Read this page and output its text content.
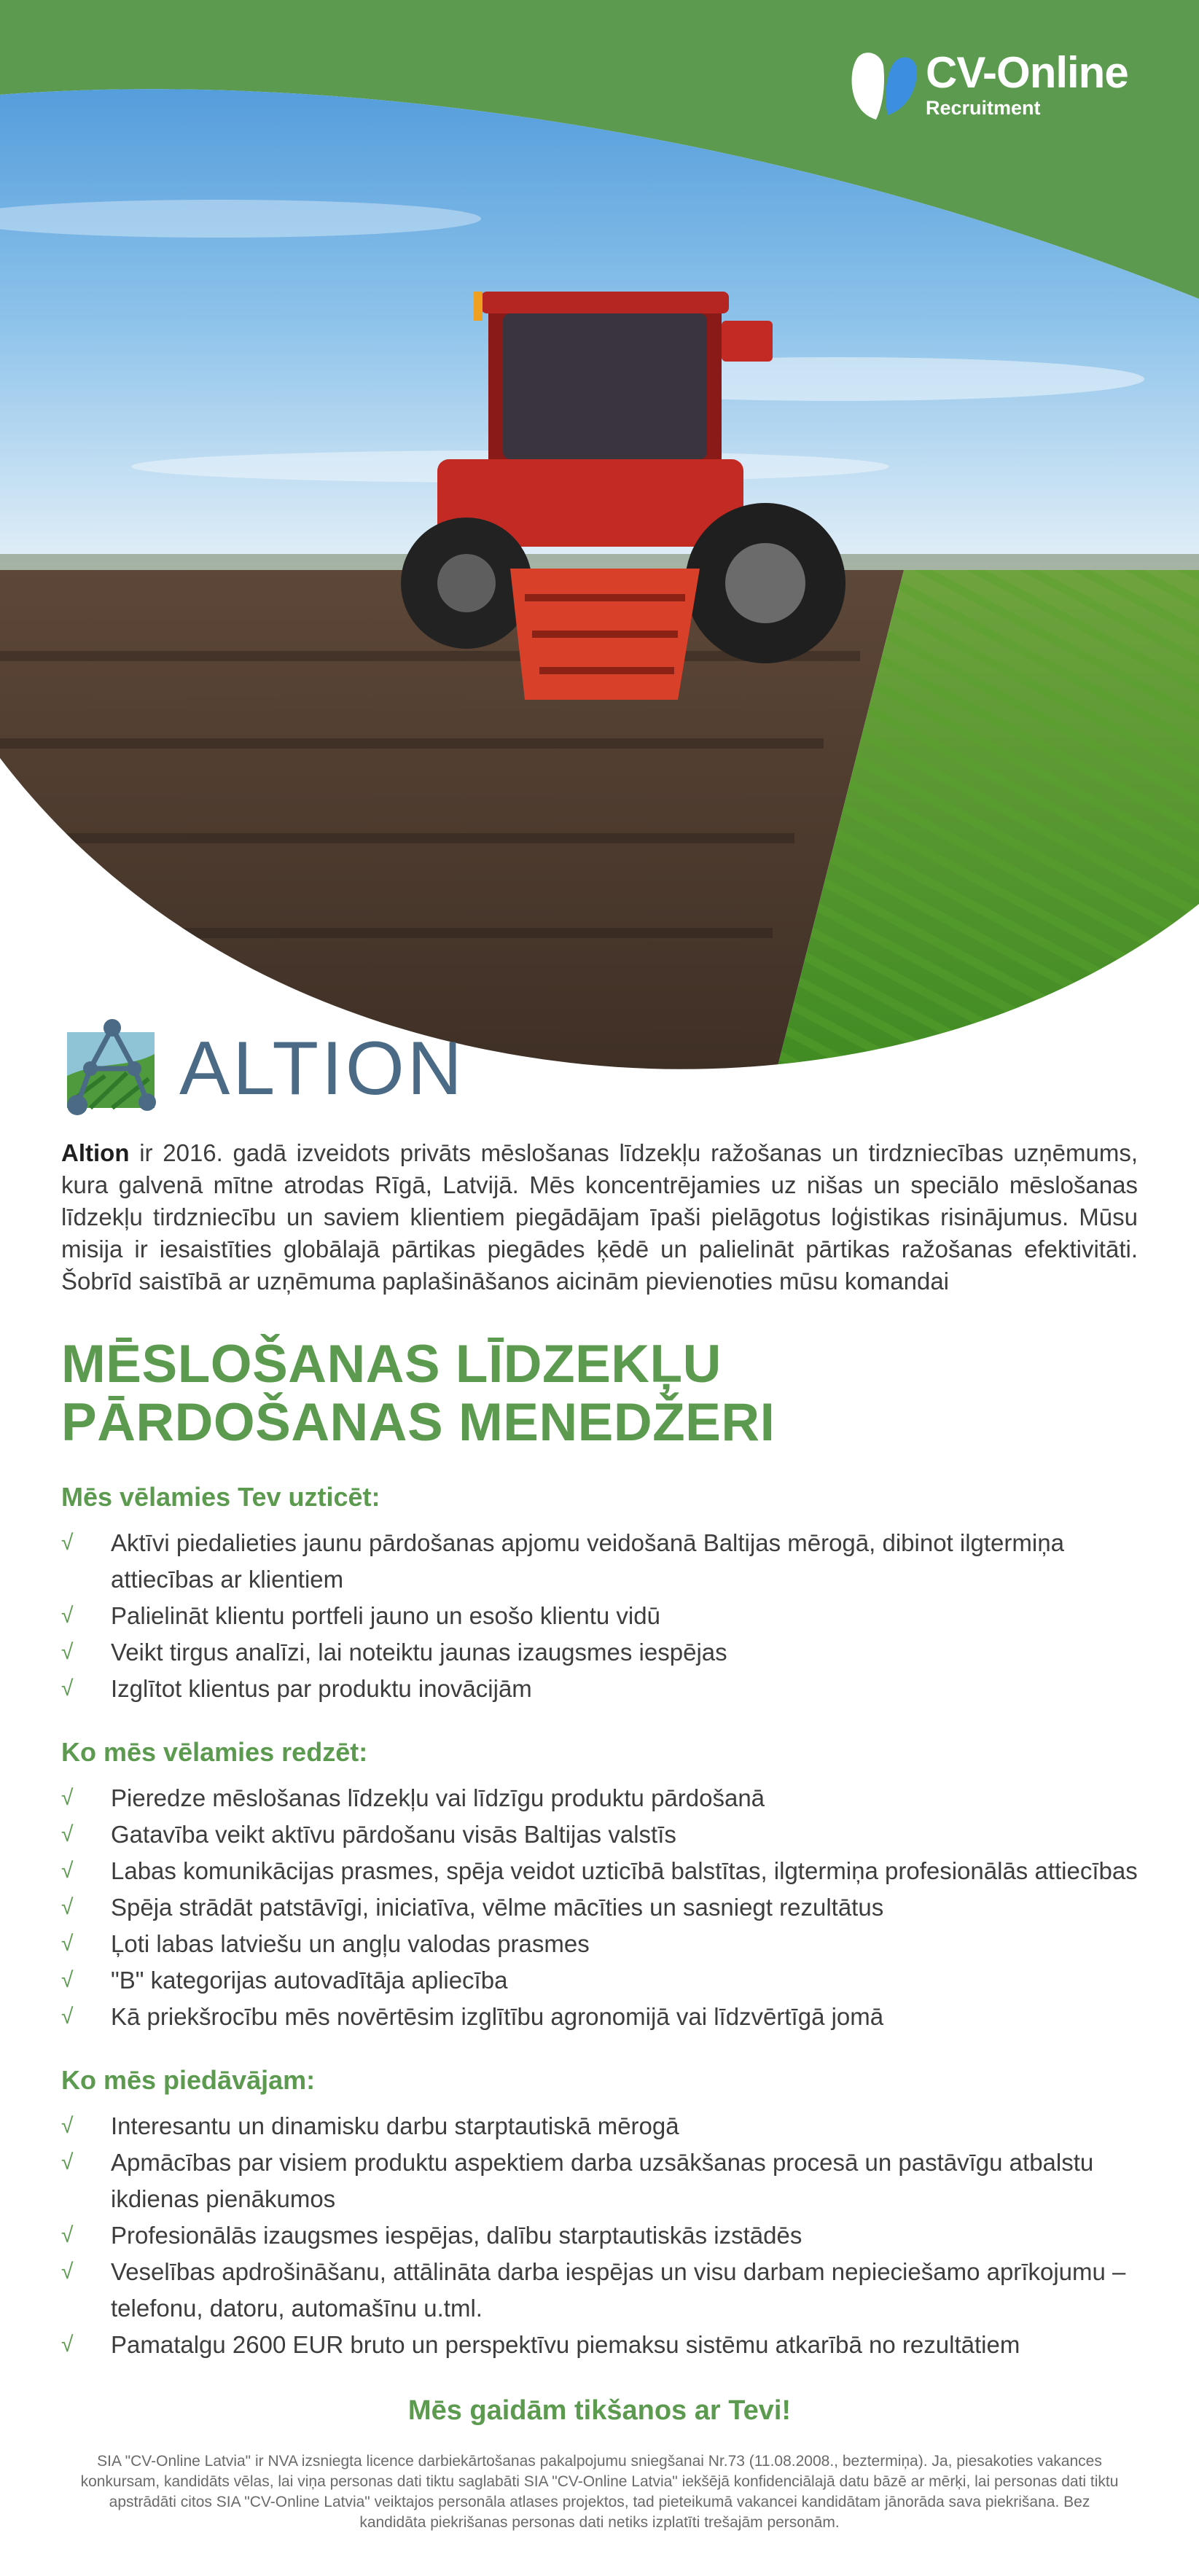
CV-Online
Recruitment
ALTION

Altion ir 2016. gadā izveidots privāts mēslošanas līdzekļu ražošanas un tirdzniecības uzņēmums, kura galvenā mītne atrodas Rīgā, Latvijā. Mēs koncentrējamies uz nišas un speciālo mēslošanas līdzekļu tirdzniecību un saviem klientiem piegādājam īpaši pielāgotus loģistikas risinājumus. Mūsu misija ir iesaistīties globālajā pārtikas piegādes ķēdē un palielināt pārtikas ražošanas efektivitāti. Šobrīd saistībā ar uzņēmuma paplašināšanos aicinām pievienoties mūsu komandai

MĒSLOŠANAS LĪDZEKĻU
PĀRDOŠANAS MENEDŽERI
Mēs vēlamies Tev uzticēt:
√ Aktīvi piedalieties jaunu pārdošanas apjomu veidošanā Baltijas mērogā, dibinot ilgtermiņa attiecības ar klientiem
√ Palielināt klientu portfeli jauno un esošo klientu vidū
√ Veikt tirgus analīzi, lai noteiktu jaunas izaugsmes iespējas
√ Izglītot klientus par produktu inovācijām
Ko mēs vēlamies redzēt:
√ Pieredze mēslošanas līdzekļu vai līdzīgu produktu pārdošanā
√ Gatavība veikt aktīvu pārdošanu visās Baltijas valstīs
√ Labas komunikācijas prasmes, spēja veidot uzticībā balstītas, ilgtermiņa profesionālās attiecības
√ Spēja strādāt patstāvīgi, iniciatīva, vēlme mācīties un sasniegt rezultātus
√ Ļoti labas latviešu un angļu valodas prasmes
√ "B" kategorijas autovadītāja apliecība
√ Kā priekšrocību mēs novērtēsim izglītību agronomijā vai līdzvērtīgā jomā
Ko mēs piedāvājam:
√ Interesantu un dinamisku darbu starptautiskā mērogā
√ Apmācības par visiem produktu aspektiem darba uzsākšanas procesā un pastāvīgu atbalstu ikdienas pienākumos
√ Profesionālās izaugsmes iespējas, dalību starptautiskās izstādēs
√ Veselības apdrošināšanu, attālināta darba iespējas un visu darbam nepieciešamo aprīkojumu – telefonu, datoru, automašīnu u.tml.
√ Pamatalgu 2600 EUR bruto un perspektīvu piemaksu sistēmu atkarībā no rezultātiem
Mēs gaidām tikšanos ar Tevi!
SIA "CV-Online Latvia" ir NVA izsniegta licence darbiekārtošanas pakalpojumu sniegšanai Nr.73 (11.08.2008., beztermiņa). Ja, piesakoties vakances konkursam, kandidāts vēlas, lai viņa personas dati tiktu saglabāti SIA "CV-Online Latvia" iekšējā konfidenciālajā datu bāzē ar mērķi, lai personas dati tiktu apstrādāti citos SIA "CV-Online Latvia" veiktajos personāla atlases projektos, tad pieteikumā vakancei kandidātam jānorāda sava piekrišana. Bez kandidāta piekrišanas personas dati netiks izplatīti trešajām personām.
